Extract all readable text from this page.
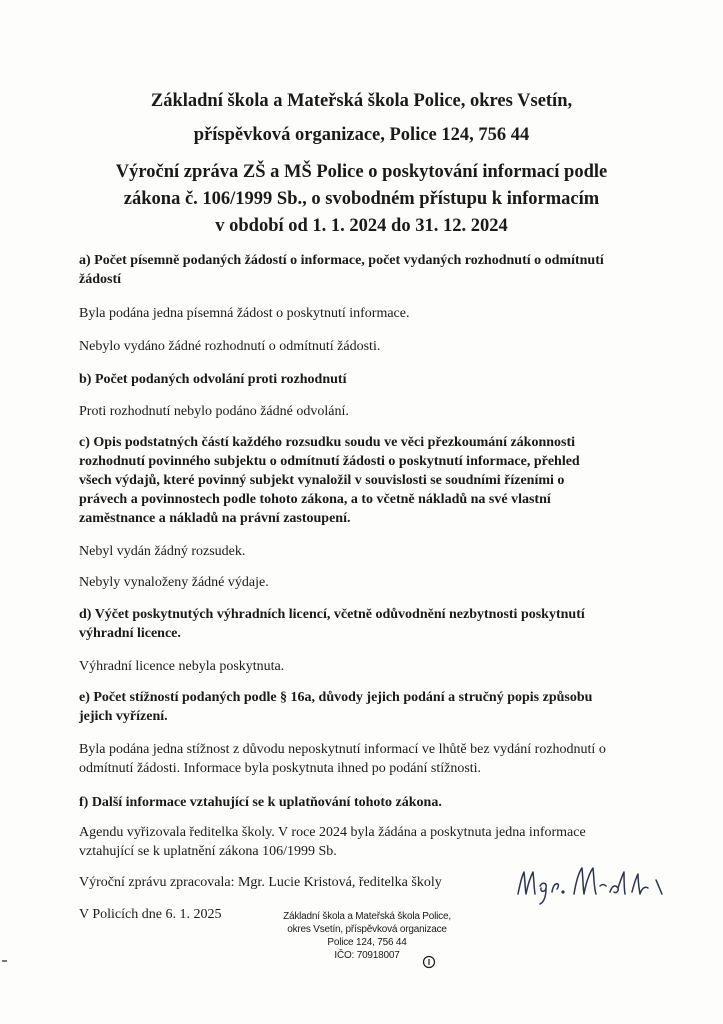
Základní škola a Mateřská škola Police, okres Vsetín,
příspěvková organizace, Police 124, 756 44
Výroční zpráva ZŠ a MŠ Police o poskytování informací podle
zákona č. 106/1999 Sb., o svobodném přístupu k informacím
v období od 1. 1. 2024 do 31. 12. 2024
a) Počet písemně podaných žádostí o informace, počet vydaných rozhodnutí o odmítnutí
žádostí
Byla podána jedna písemná žádost o poskytnutí informace.
Nebylo vydáno žádné rozhodnutí o odmítnutí žádosti.
b) Počet podaných odvolání proti rozhodnutí
Proti rozhodnutí nebylo podáno žádné odvolání.
c) Opis podstatných částí každého rozsudku soudu ve věci přezkoumání zákonnosti
rozhodnutí povinného subjektu o odmítnutí žádosti o poskytnutí informace, přehled
všech výdajů, které povinný subjekt vynaložil v souvislosti se soudními řízeními o
právech a povinnostech podle tohoto zákona, a to včetně nákladů na své vlastní
zaměstnance a nákladů na právní zastoupení.
Nebyl vydán žádný rozsudek.
Nebyly vynaloženy žádné výdaje.
d) Výčet poskytnutých výhradních licencí, včetně odůvodnění nezbytnosti poskytnutí
výhradní licence.
Výhradní licence nebyla poskytnuta.
e) Počet stížností podaných podle § 16a, důvody jejich podání a stručný popis způsobu
jejich vyřízení.
Byla podána jedna stížnost z důvodu neposkytnutí informací ve lhůtě bez vydání rozhodnutí o
odmítnutí žádosti. Informace byla poskytnuta ihned po podání stížnosti.
f) Další informace vztahující se k uplatňování tohoto zákona.
Agendu vyřizovala ředitelka školy. V roce 2024 byla žádána a poskytnuta jedna informace
vztahující se k uplatnění zákona 106/1999 Sb.
Výroční zprávu zpracovala: Mgr. Lucie Kristová, ředitelka školy
V Policích dne 6. 1. 2025	Základní škola a Mateřská škola Police,
okres Vsetín, příspěvková organizace
Police 124, 756 44
IČO: 70918007
